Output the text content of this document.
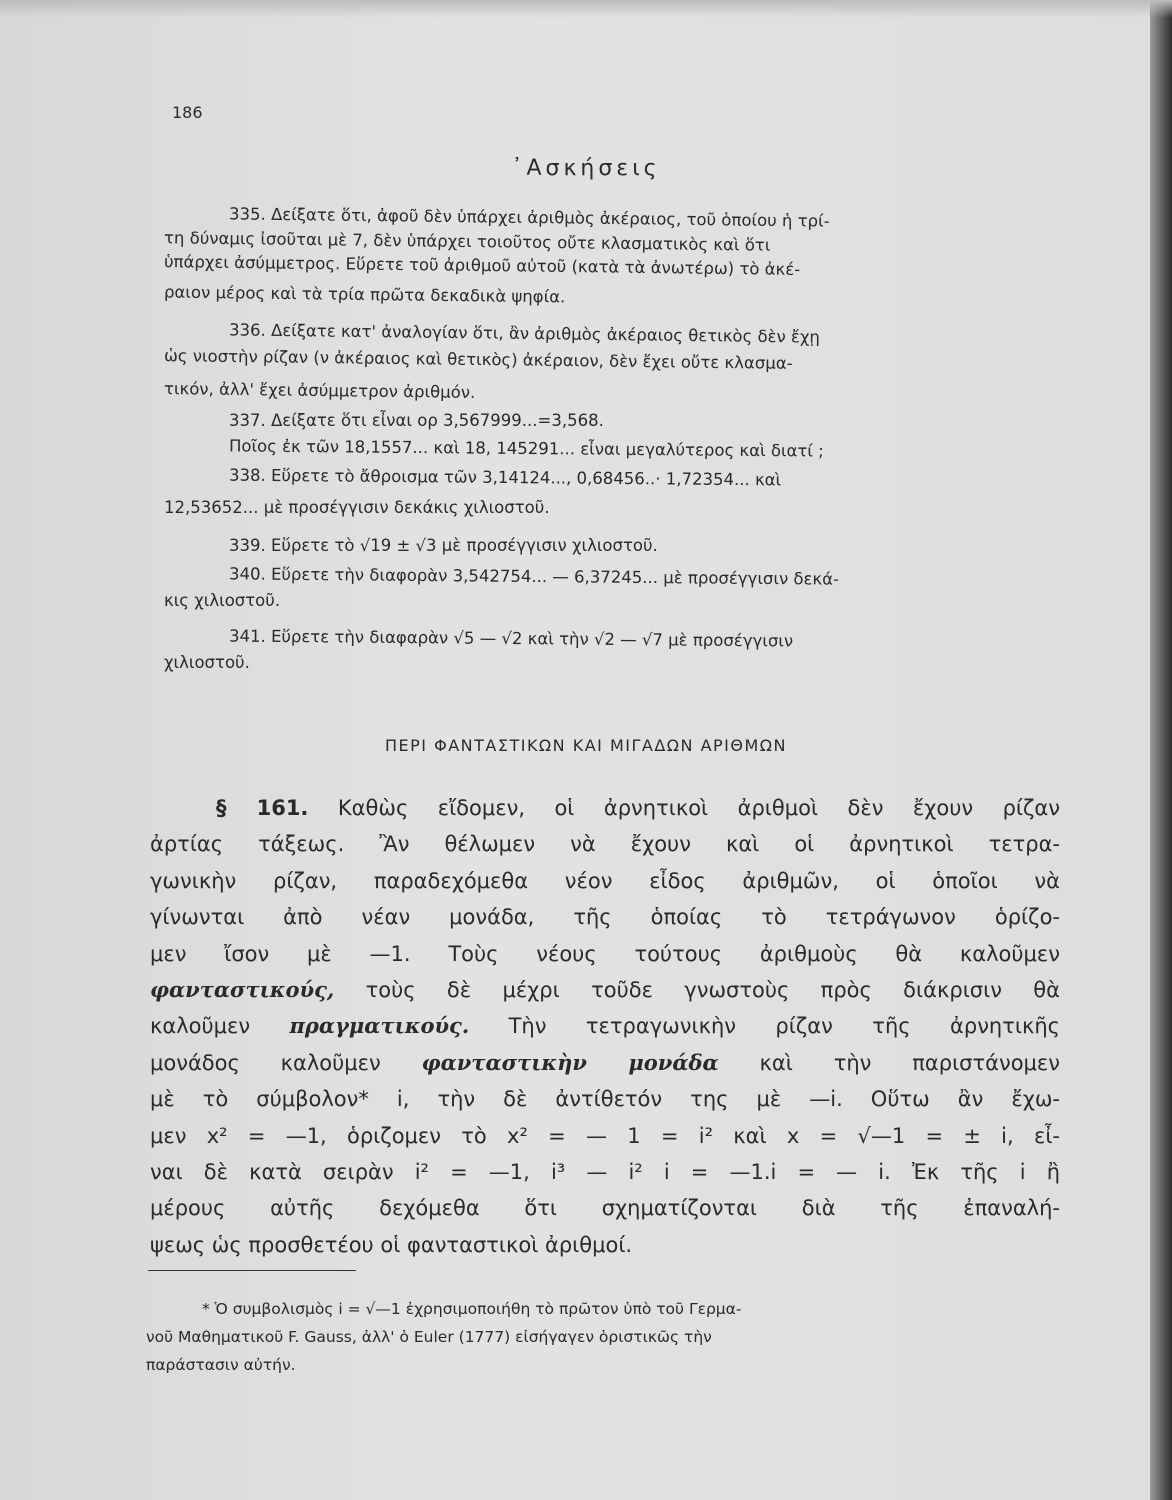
186
᾿Ασκήσεις
335. Δείξατε ὅτι, ἀφοῦ δὲν ὑπάρχει ἀριθμὸς ἀκέραιος, τοῦ ὁποίου ἡ τρί-
τη δύναμις ἰσοῦται μὲ 7, δὲν ὑπάρχει τοιοῦτος οὔτε κλασματικὸς καὶ ὅτι
ὑπάρχει ἀσύμμετρος. Εὕρετε τοῦ ἀριθμοῦ αὐτοῦ (κατὰ τὰ ἀνωτέρω) τὸ ἀκέ-
ραιον μέρος καὶ τὰ τρία πρῶτα δεκαδικὰ ψηφία.
336. Δείξατε κατ' ἀναλογίαν ὅτι, ἂν ἀριθμὸς ἀκέραιος θετικὸς δὲν ἔχῃ
ὡς νιοστὴν ρίζαν (ν ἀκέραιος καὶ θετικὸς) ἀκέραιον, δὲν ἔχει οὔτε κλασμα-
τικόν, ἀλλ' ἔχει ἀσύμμετρον ἀριθμόν.
337. Δείξατε ὅτι εἶναι ορ 3,567999...=3,568.
Ποῖος ἐκ τῶν 18,1557... καὶ 18, 145291... εἶναι μεγαλύτερος καὶ διατί ;
338. Εὕρετε τὸ ἄθροισμα τῶν 3,14124..., 0,68456..· 1,72354... καὶ
12,53652... μὲ προσέγγισιν δεκάκις χιλιοστοῦ.
339. Εὕρετε τὸ √19 ± √3 μὲ προσέγγισιν χιλιοστοῦ.
340. Εὕρετε τὴν διαφορὰν 3,542754... — 6,37245... μὲ προσέγγισιν δεκά-
κις χιλιοστοῦ.
341. Εὕρετε τὴν διαφαρὰν √5 — √2 καὶ τὴν √2 — √7 μὲ προσέγγισιν
χιλιοστοῦ.
ΠΕΡΙ ΦΑΝΤΑΣΤΙΚΩΝ ΚΑΙ ΜΙΓΑΔΩΝ ΑΡΙΘΜΩΝ

§ 161. Καθὼς εἴδομεν, οἱ ἀρνητικοὶ ἀριθμοὶ δὲν ἔχουν ρίζαν

ἀρτίας τάξεως. Ἂν θέλωμεν νὰ ἔχουν καὶ οἱ ἀρνητικοὶ τετρα-

γωνικὴν ρίζαν, παραδεχόμεθα νέον εἶδος ἀριθμῶν, οἱ ὁποῖοι νὰ

γίνωνται ἀπὸ νέαν μονάδα, τῆς ὁποίας τὸ τετράγωνον ὁρίζο-

μεν ἴσον μὲ —1. Τοὺς νέους τούτους ἀριθμοὺς θὰ καλοῦμεν

φανταστικούς, τοὺς δὲ μέχρι τοῦδε γνωστοὺς πρὸς διάκρισιν θὰ

καλοῦμεν πραγματικούς. Τὴν τετραγωνικὴν ρίζαν τῆς ἀρνητικῆς

μονάδος καλοῦμεν φανταστικὴν μονάδα καὶ τὴν παριστάνομεν

μὲ τὸ σύμβολον* i, τὴν δὲ ἀντίθετόν της μὲ —i. Οὕτω ἂν ἔχω-

μεν x² = —1, ὁριζομεν τὸ x² = — 1 = i² καὶ x = √—1 = ± i, εἶ-

ναι δὲ κατὰ σειρὰν i² = —1, i³ — i² i = —1.i = — i. Ἐκ τῆς i ἢ

μέρους αὐτῆς δεχόμεθα ὅτι σχηματίζονται διὰ τῆς ἐπαναλή-

ψεως ὡς προσθετέου οἱ φανταστικοὶ ἀριθμοί.

* Ὁ συμβολισμὸς i = √—1 ἐχρησιμοποιήθη τὸ πρῶτον ὑπὸ τοῦ Γερμα-
νοῦ Μαθηματικοῦ F. Gauss, ἀλλ' ὁ Euler (1777) εἰσήγαγεν ὁριστικῶς τὴν
παράστασιν αὐτήν.
